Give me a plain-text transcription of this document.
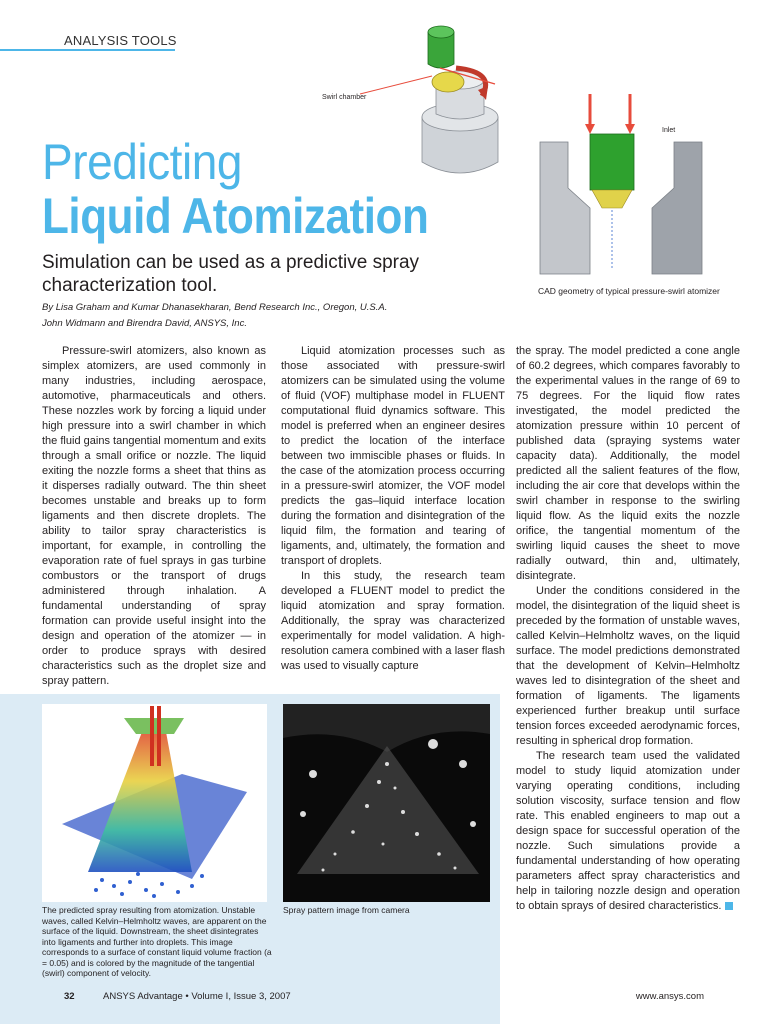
ANALYSIS TOOLS
Swirl chamber
Inlet
Predicting
Liquid Atomization
Simulation can be used as a predictive spray characterization tool.
By Lisa Graham and Kumar Dhanasekharan, Bend Research Inc., Oregon, U.S.A.
John Widmann and Birendra David, ANSYS, Inc.
CAD geometry of typical pressure-swirl atomizer

Pressure-swirl atomizers, also known as simplex atomizers, are used commonly in many industries, including aerospace, automotive, pharmaceuticals and others. These nozzles work by forcing a liquid under high pressure into a swirl chamber in which the fluid gains tangential momentum and exits through a small orifice or nozzle. The liquid exiting the nozzle forms a sheet that thins as it disperses radially outward. The thin sheet becomes unstable and breaks up to form ligaments and then discrete droplets. The ability to tailor spray characteristics is important, for example, in controlling the evaporation rate of fuel sprays in gas turbine combustors or the transport of drugs administered through inhalation. A fundamental understanding of spray formation can provide useful insight into the design and operation of the atomizer — in order to produce sprays with desired characteristics such as the droplet size and spray pattern.

Liquid atomization processes such as those associated with pressure-swirl atomizers can be simulated using the volume of fluid (VOF) multiphase model in FLUENT computational fluid dynamics software. This model is preferred when an engineer desires to predict the location of the interface between two immiscible phases or fluids. In the case of the atomization process occurring in a pressure-swirl atomizer, the VOF model predicts the gas–liquid interface location during the formation and disintegration of the liquid film, the formation and tearing of ligaments, and, ultimately, the formation and transport of droplets.

In this study, the research team developed a FLUENT model to predict the liquid atomization and spray formation. Additionally, the spray was characterized experimentally for model validation. A high-resolution camera combined with a laser flash was used to visually capture

the spray. The model predicted a cone angle of 60.2 degrees, which compares favorably to the experimental values in the range of 69 to 75 degrees. For the liquid flow rates investigated, the model predicted the atomization pressure within 10 percent of published data (spraying systems water capacity data). Additionally, the model predicted all the salient features of the flow, including the air core that develops within the swirl chamber in response to the swirling liquid flow. As the liquid exits the nozzle orifice, the tangential momentum of the swirling liquid causes the sheet to move radially outward, thin and, ultimately, disintegrate.

Under the conditions considered in the model, the disintegration of the liquid sheet is preceded by the formation of unstable waves, called Kelvin–Helmholtz waves, on the liquid surface. The model predictions demonstrated that the development of Kelvin–Helmholtz waves led to disintegration of the sheet and formation of ligaments. The ligaments experienced further breakup until surface tension forces exceeded aerodynamic forces, resulting in spherical drop formation.

The research team used the validated model to study liquid atomization under varying operating conditions, including solution viscosity, surface tension and flow rate. This enabled engineers to map out a design space for successful operation of the nozzle. Such simulations provide a fundamental understanding of how operating parameters affect spray characteristics and help in tailoring nozzle design and operation to obtain sprays of desired characteristics.

The predicted spray resulting from atomization. Unstable waves, called Kelvin–Helmholtz waves, are apparent on the surface of the liquid. Downstream, the sheet disintegrates into ligaments and further into droplets. This image corresponds to a surface of constant liquid volume fraction (a = 0.05) and is colored by the magnitude of the tangential (swirl) component of velocity.
Spray pattern image from camera
32	ANSYS Advantage • Volume I, Issue 3, 2007	www.ansys.com
